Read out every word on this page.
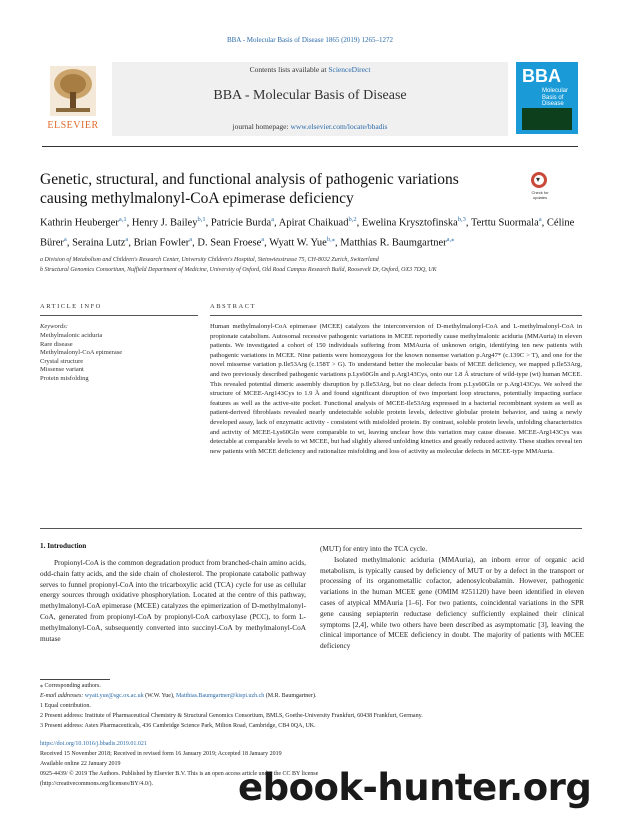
BBA - Molecular Basis of Disease 1865 (2019) 1265–1272
ELSEVIER
Contents lists available at ScienceDirect
BBA - Molecular Basis of Disease
journal homepage: www.elsevier.com/locate/bbadis
BBA
Molecular Basis of Disease
Genetic, structural, and functional analysis of pathogenic variations causing methylmalonyl-CoA epimerase deficiency
▾
Check for updates
Kathrin Heuberger$^{a,1}$, Henry J. Bailey$^{b,1}$, Patricie Burda$^a$, Apirat Chaikuad$^{b,2}$, Ewelina Krysztofinska$^{b,3}$, Terttu Suormala$^a$, Céline Bürer$^a$, Seraina Lutz$^a$, Brian Fowler$^a$, D. Sean Froese$^a$, Wyatt W. Yue$^{b,⁎}$, Matthias R. Baumgartner$^{a,⁎}$
a Division of Metabolism and Children's Research Center, University Children's Hospital, Steinwiesstrasse 75, CH-8032 Zurich, Switzerland
b Structural Genomics Consortium, Nuffield Department of Medicine, University of Oxford, Old Road Campus Research Build, Roosevelt Dr, Oxford, OX3 7DQ, UK
ARTICLE INFO	ABSTRACT
Keywords:
Methylmalonic aciduria
Rare disease
Methylmalonyl-CoA epimerase
Crystal structure
Missense variant
Protein misfolding
Human methylmalonyl-CoA epimerase (MCEE) catalyzes the interconversion of D-methylmalonyl-CoA and L-methylmalonyl-CoA in propionate catabolism. Autosomal recessive pathogenic variations in MCEE reportedly cause methylmalonic aciduria (MMAuria) in eleven patients. We investigated a cohort of 150 individuals suffering from MMAuria of unknown origin, identifying ten new patients with pathogenic variations in MCEE. Nine patients were homozygous for the known nonsense variation p.Arg47* (c.139C > T), and one for the novel missense variation p.Ile53Arg (c.158T > G). To understand better the molecular basis of MCEE deficiency, we mapped p.Ile53Arg, and two previously described pathogenic variations p.Lys60Gln and p.Arg143Cys, onto our 1.8 Å structure of wild-type (wt) human MCEE. This revealed potential dimeric assembly disruption by p.Ile53Arg, but no clear defects from p.Lys60Gln or p.Arg143Cys. We solved the structure of MCEE-Arg143Cys to 1.9 Å and found significant disruption of two important loop structures, potentially impacting surface features as well as the active-site pocket. Functional analysis of MCEE-Ile53Arg expressed in a bacterial recombinant system as well as patient-derived fibroblasts revealed nearly undetectable soluble protein levels, defective globular protein behavior, and using a newly developed assay, lack of enzymatic activity - consistent with misfolded protein. By contrast, soluble protein levels, unfolding characteristics and activity of MCEE-Lys60Gln were comparable to wt, leaving unclear how this variation may cause disease. MCEE-Arg143Cys was detectable at comparable levels to wt MCEE, but had slightly altered unfolding kinetics and greatly reduced activity. These studies reveal ten new patients with MCEE deficiency and rationalize misfolding and loss of activity as molecular defects in MCEE-type MMAuria.
1. Introduction
Propionyl-CoA is the common degradation product from branched-chain amino acids, odd-chain fatty acids, and the side chain of cholesterol. The propionate catabolic pathway serves to funnel propionyl-CoA into the tricarboxylic acid (TCA) cycle for use as cellular energy sources through oxidative phosphorylation. Located at the centre of this pathway, methylmalonyl-CoA epimerase (MCEE) catalyzes the epimerization of D-methylmalonyl-CoA, generated from propionyl-CoA by propionyl-CoA carboxylase (PCC), to form L-methylmalonyl-CoA, subsequently converted into succinyl-CoA by methylmalonyl-CoA mutase
(MUT) for entry into the TCA cycle.
Isolated methylmalonic aciduria (MMAuria), an inborn error of organic acid metabolism, is typically caused by deficiency of MUT or by a defect in the transport or processing of its organometallic cofactor, adenosylcobalamin. However, pathogenic variations in the human MCEE gene (OMIM #251120) have been identified in eleven cases of atypical MMAuria [1–6]. For two patients, coincidental variations in the SPR gene causing sepiapterin reductase deficiency sufficiently explained their clinical symptoms [2,4], while two others have been described as asymptomatic [3], leaving the clinical importance of MCEE deficiency in doubt. The majority of patients with MCEE deficiency
⁎ Corresponding authors.
E-mail addresses: wyatt.yue@sgc.ox.ac.uk (W.W. Yue), Matthias.Baumgartner@kispi.uzh.ch (M.R. Baumgartner).
1 Equal contribution.
2 Present address: Institute of Pharmaceutical Chemistry & Structural Genomics Consortium, BMLS, Goethe-University Frankfurt, 60438 Frankfurt, Germany.
3 Present address: Astex Pharmaceuticals, 436 Cambridge Science Park, Milton Road, Cambridge, CB4 0QA, UK.
https://doi.org/10.1016/j.bbadis.2019.01.021
Received 15 November 2018; Received in revised form 16 January 2019; Accepted 18 January 2019
Available online 22 January 2019
0925-4439/ © 2019 The Authors. Published by Elsevier B.V. This is an open access article under the CC BY license
(http://creativecommons.org/licenses/BY/4.0/).	ebook-hunter.org
